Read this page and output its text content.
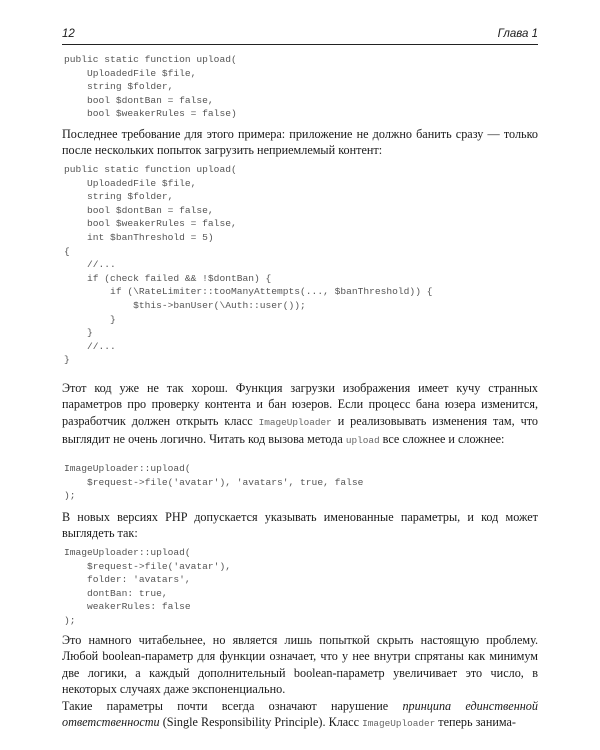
12	Глава 1
public static function upload(
UploadedFile $file,
string $folder,
bool $dontBan = false,
bool $weakerRules = false)

Последнее требование для этого примера: приложение не должно банить сразу — только после нескольких попыток загрузить неприемлемый контент:

public static function upload(
UploadedFile $file,
string $folder,
bool $dontBan = false,
bool $weakerRules = false,
int $banThreshold = 5)
{
//...
if (check failed && !$dontBan) {
if (\RateLimiter::tooManyAttempts(..., $banThreshold)) {
$this->banUser(\Auth::user());
}
}
//...
}

Этот код уже не так хорош. Функция загрузки изображения имеет кучу странных параметров про проверку контента и бан юзеров. Если процесс бана юзера изменится, разработчик должен открыть класс ImageUploader и реализовывать изменения там, что выглядит не очень логично. Читать код вызова метода upload все сложнее и сложнее:

ImageUploader::upload(
$request->file('avatar'), 'avatars', true, false
);

В новых версиях PHP допускается указывать именованные параметры, и код может выглядеть так:

ImageUploader::upload(
$request->file('avatar'),
folder: 'avatars',
dontBan: true,
weakerRules: false
);

Это намного читабельнее, но является лишь попыткой скрыть настоящую проблему. Любой boolean-параметр для функции означает, что у нее внутри спрятаны как минимум две логики, а каждый дополнительный boolean-параметр увеличивает это число, в некоторых случаях даже экспоненциально.

Такие параметры почти всегда означают нарушение принципа единственной ответственности (Single Responsibility Principle). Класс ImageUploader теперь занима-
